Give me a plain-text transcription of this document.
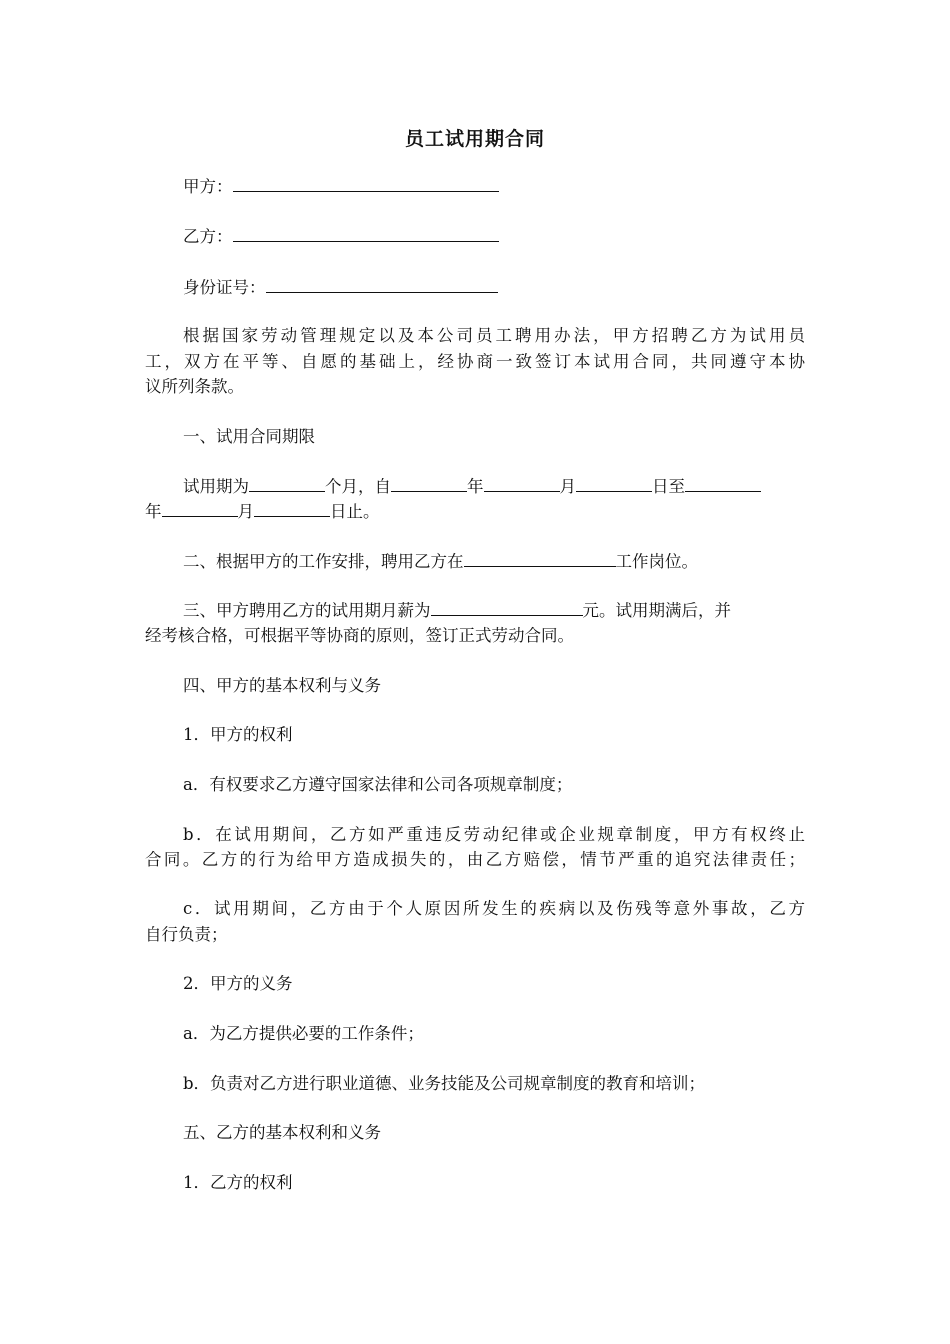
员工试用期合同
甲方：
乙方：
身份证号：
根据国家劳动管理规定以及本公司员工聘用办法，甲方招聘乙方为试用员
工，双方在平等、自愿的基础上，经协商一致签订本试用合同，共同遵守本协
议所列条款。
一、试用合同期限
试用期为	个月，自	年	月	日至
年	月	日止。
二、根据甲方的工作安排，聘用乙方在	工作岗位。
三、甲方聘用乙方的试用期月薪为	元。试用期满后，并
经考核合格，可根据平等协商的原则，签订正式劳动合同。
四、甲方的基本权利与义务
1．甲方的权利
a．有权要求乙方遵守国家法律和公司各项规章制度；
b．在试用期间，乙方如严重违反劳动纪律或企业规章制度，甲方有权终止
合同。乙方的行为给甲方造成损失的，由乙方赔偿，情节严重的追究法律责任；
c．试用期间，乙方由于个人原因所发生的疾病以及伤残等意外事故，乙方
自行负责；
2．甲方的义务
a．为乙方提供必要的工作条件；
b．负责对乙方进行职业道德、业务技能及公司规章制度的教育和培训；
五、乙方的基本权利和义务
1．乙方的权利
